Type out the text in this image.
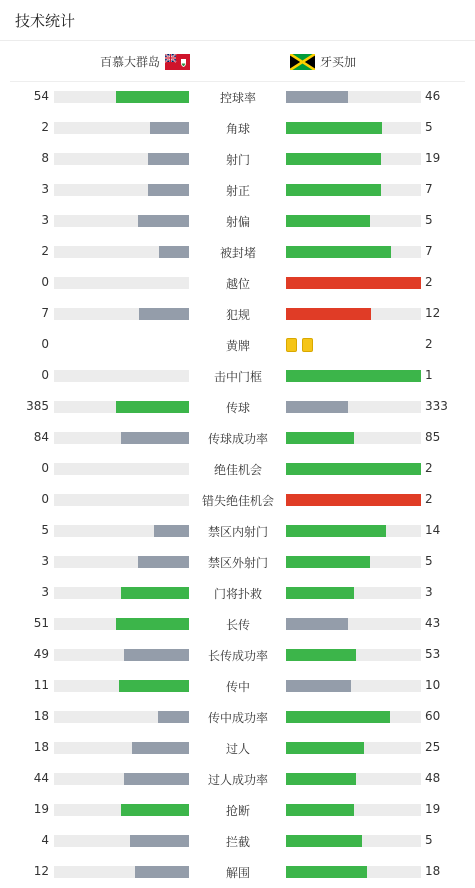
技术统计
百慕大群岛	牙买加
54	控球率	46
2	角球	5
8	射门	19
3	射正	7
3	射偏	5
2	被封堵	7
0	越位	2
7	犯规	12
0	黄牌	2
0	击中门框	1
385	传球	333
84	传球成功率	85
0	绝佳机会	2
0	错失绝佳机会	2
5	禁区内射门	14
3	禁区外射门	5
3	门将扑救	3
51	长传	43
49	长传成功率	53
11	传中	10
18	传中成功率	60
18	过人	25
44	过人成功率	48
19	抢断	19
4	拦截	5
12	解围	18
